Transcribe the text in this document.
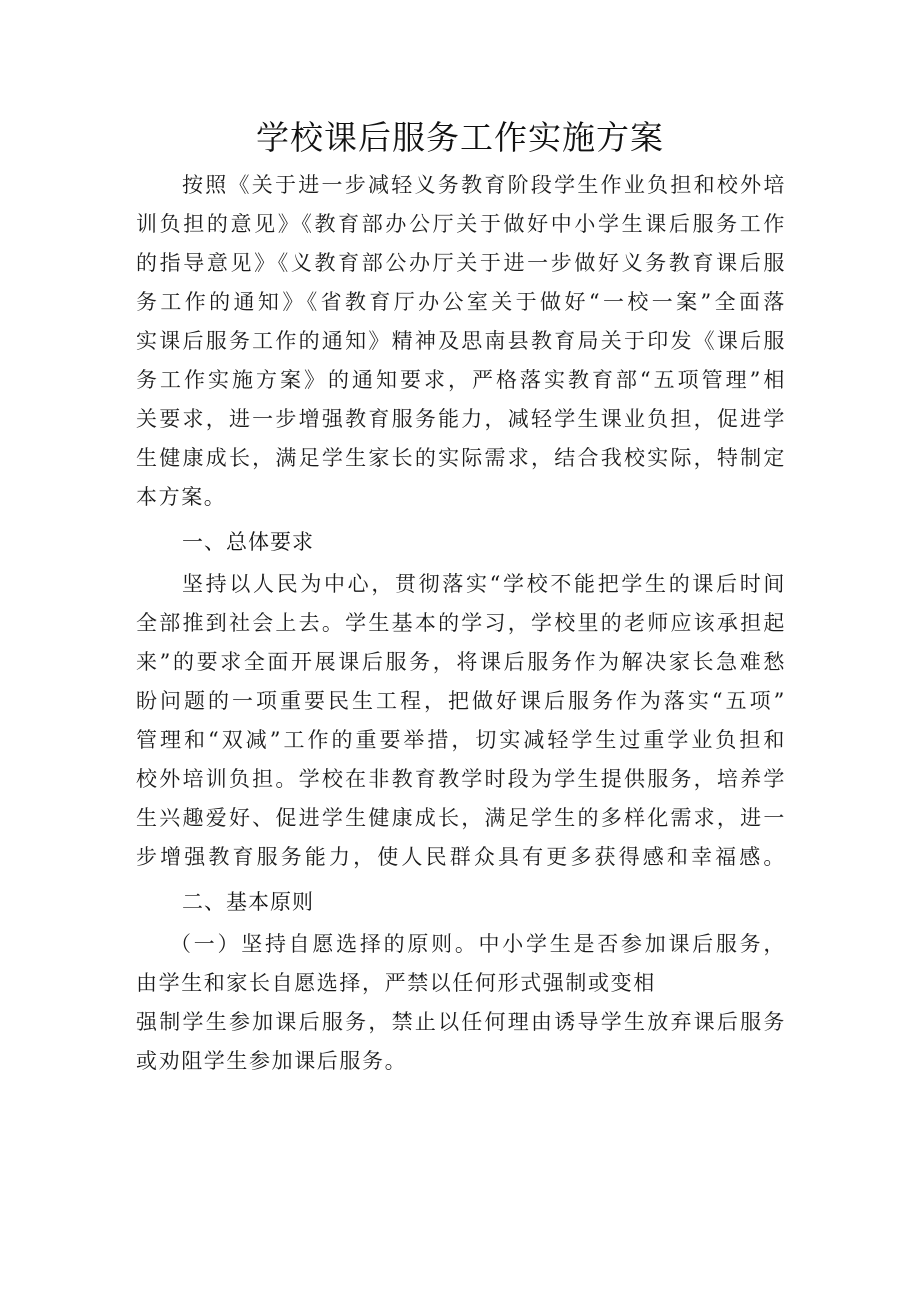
学校课后服务工作实施方案
按照《关于进一步减轻义务教育阶段学生作业负担和校外培
训负担的意见》《教育部办公厅关于做好中小学生课后服务工作
的指导意见》《义教育部公办厅关于进一步做好义务教育课后服
务工作的通知》《省教育厅办公室关于做好“一校一案”全面落
实课后服务工作的通知》精神及思南县教育局关于印发《课后服
务工作实施方案》的通知要求，严格落实教育部“五项管理”相
关要求，进一步增强教育服务能力，减轻学生课业负担，促进学
生健康成长，满足学生家长的实际需求，结合我校实际，特制定
本方案。
一、总体要求
坚持以人民为中心，贯彻落实“学校不能把学生的课后时间
全部推到社会上去。学生基本的学习，学校里的老师应该承担起
来”的要求全面开展课后服务，将课后服务作为解决家长急难愁
盼问题的一项重要民生工程，把做好课后服务作为落实“五项”
管理和“双减”工作的重要举措，切实减轻学生过重学业负担和
校外培训负担。学校在非教育教学时段为学生提供服务，培养学
生兴趣爱好、促进学生健康成长，满足学生的多样化需求，进一
步增强教育服务能力，使人民群众具有更多获得感和幸福感。
二、基本原则
（一）坚持自愿选择的原则。中小学生是否参加课后服务，
由学生和家长自愿选择，严禁以任何形式强制或变相
强制学生参加课后服务，禁止以任何理由诱导学生放弃课后服务
或劝阻学生参加课后服务。
